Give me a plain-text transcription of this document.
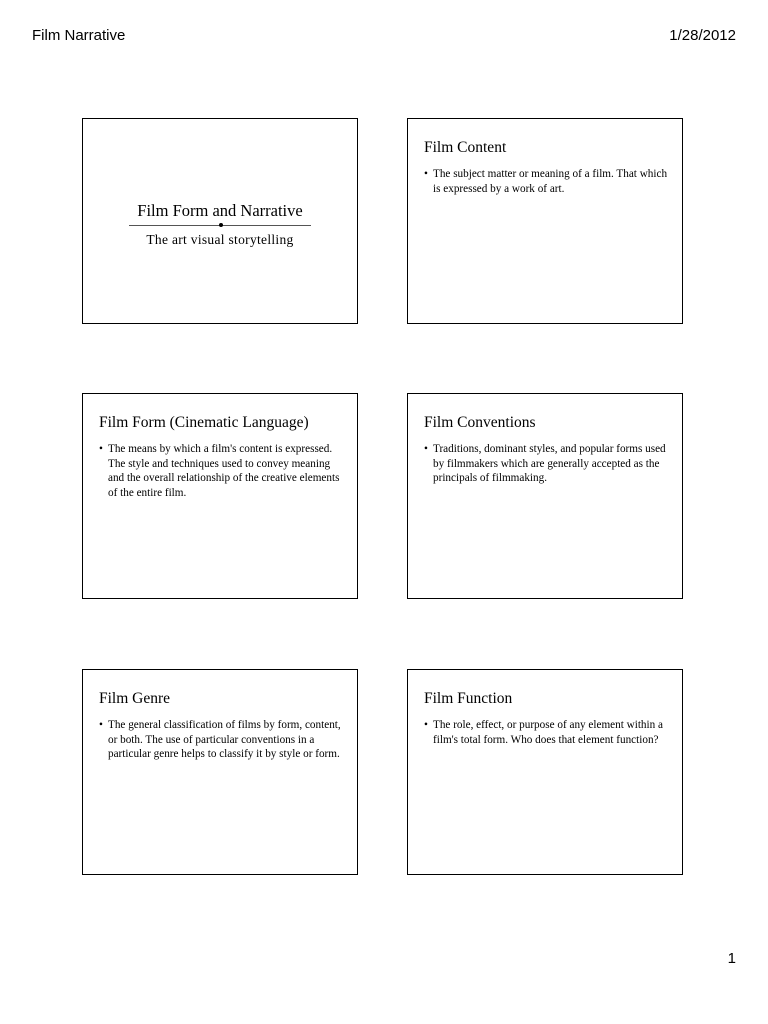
Film Narrative	1/28/2012
Film Form and Narrative
The art visual storytelling
Film Content
• The subject matter or meaning of a film. That which is expressed by a work of art.
Film Form (Cinematic Language)
• The means by which a film's content is expressed. The style and techniques used to convey meaning and the overall relationship of the creative elements of the entire film.
Film Conventions
• Traditions, dominant styles, and popular forms used by filmmakers which are generally accepted as the principals of filmmaking.
Film Genre
• The general classification of films by form, content, or both. The use of particular conventions in a particular genre helps to classify it by style or form.
Film Function
• The role, effect, or purpose of any element within a film's total form. Who does that element function?
1
